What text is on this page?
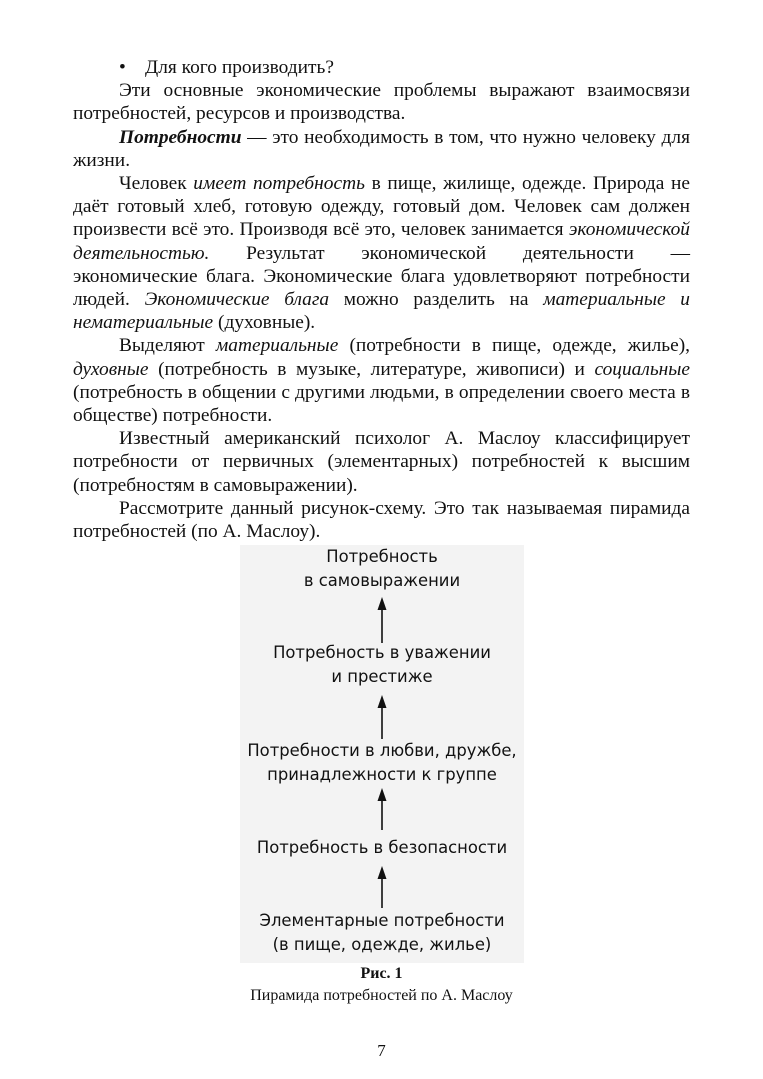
• Для кого производить?

Эти основные экономические проблемы выражают взаимосвязи потребностей, ресурсов и производства.

Потребности — это необходимость в том, что нужно человеку для жизни.

Человек имеет потребность в пище, жилище, одежде. Природа не даёт готовый хлеб, готовую одежду, готовый дом. Человек сам должен произвести всё это. Производя всё это, человек занимается экономической деятельностью. Результат экономической деятельности — экономические блага. Экономические блага удовлетворяют потребности людей. Экономические блага можно разделить на материальные и нематериальные (духовные).

Выделяют материальные (потребности в пище, одежде, жилье), духовные (потребность в музыке, литературе, живописи) и социальные (потребность в общении с другими людьми, в определении своего места в обществе) потребности.

Известный американский психолог А. Маслоу классифицирует потребности от первичных (элементарных) потребностей к высшим (потребностям в самовыражении).

Рассмотрите данный рисунок-схему. Это так называемая пирамида потребностей (по А. Маслоу).

Потребность
в самовыражении
Потребность в уважении
и престиже
Потребности в любви, дружбе,
принадлежности к группе
Потребность в безопасности
Элементарные потребности
(в пище, одежде, жилье)
Рис. 1
Пирамида потребностей по А. Маслоу
7
